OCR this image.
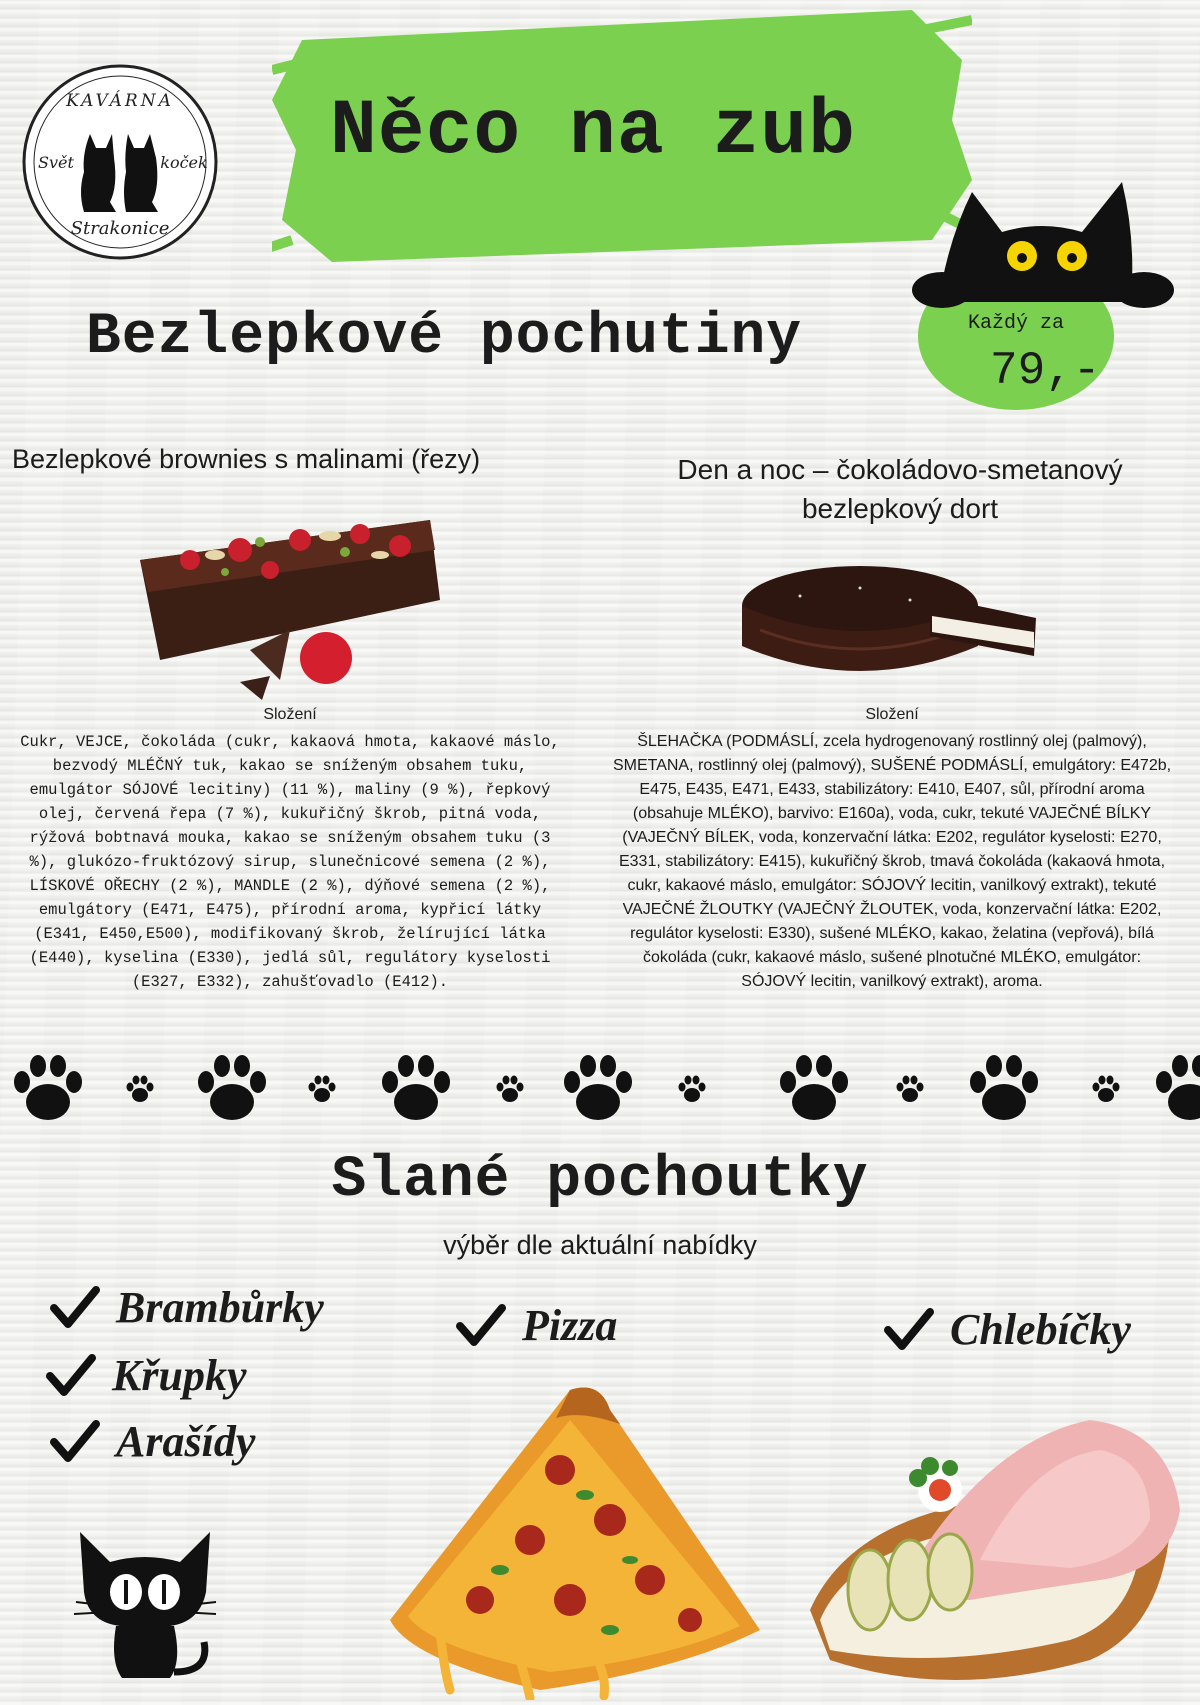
KAVÁRNA
Svět	koček
Strakonice
Něco na zub
Každý za
79,-
Bezlepkové pochutiny
Bezlepkové brownies s malinami (řezy)	Den a noc – čokoládovo-smetanový bezlepkový dort
Složení
Cukr, VEJCE, čokoláda (cukr, kakaová hmota, kakaové máslo, bezvodý MLÉČNÝ tuk, kakao se sníženým obsahem tuku, emulgátor SÓJOVÉ lecitiny) (11 %), maliny (9 %), řepkový olej, červená řepa (7 %), kukuřičný škrob, pitná voda, rýžová bobtnavá mouka, kakao se sníženým obsahem tuku (3 %), glukózo-fruktózový sirup, slunečnicové semena (2 %), LÍSKOVÉ OŘECHY (2 %), MANDLE (2 %), dýňové semena (2 %), emulgátory (E471, E475), přírodní aroma, kypřicí látky (E341, E450,E500), modifikovaný škrob, želírující látka (E440), kyselina (E330), jedlá sůl, regulátory kyselosti (E327, E332), zahušťovadlo (E412).
Složení
ŠLEHAČKA (PODMÁSLÍ, zcela hydrogenovaný rostlinný olej (palmový), SMETANA, rostlinný olej (palmový), SUŠENÉ PODMÁSLÍ, emulgátory: E472b, E475, E435, E471, E433, stabilizátory: E410, E407, sůl, přírodní aroma (obsahuje MLÉKO), barvivo: E160a), voda, cukr, tekuté VAJEČNÉ BÍLKY (VAJEČNÝ BÍLEK, voda, konzervační látka: E202, regulátor kyselosti: E270, E331, stabilizátory: E415), kukuřičný škrob, tmavá čokoláda (kakaová hmota, cukr, kakaové máslo, emulgátor: SÓJOVÝ lecitin, vanilkový extrakt), tekuté VAJEČNÉ ŽLOUTKY (VAJEČNÝ ŽLOUTEK, voda, konzervační látka: E202, regulátor kyselosti: E330), sušené MLÉKO, kakao, želatina (vepřová), bílá čokoláda (cukr, kakaové máslo, sušené plnotučné MLÉKO, emulgátor: SÓJOVÝ lecitin, vanilkový extrakt), aroma.
Slané pochoutky
výběr dle aktuální nabídky
Brambůrky
Křupky
Arašídy
Pizza	Chlebíčky
